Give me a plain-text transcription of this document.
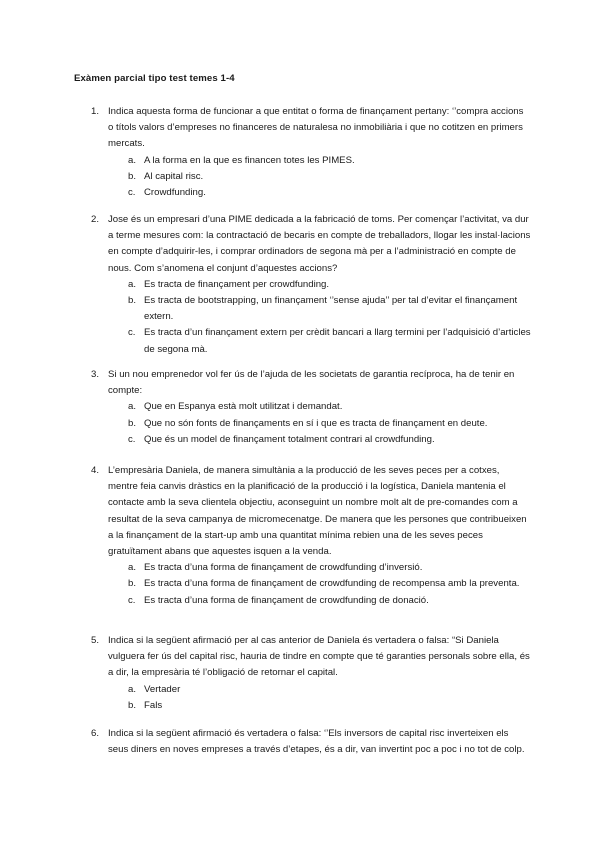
Exàmen parcial tipo test temes 1-4
1. Indica aquesta forma de funcionar a que entitat o forma de finançament pertany: ‘’compra accions o títols valors d’empreses no financeres de naturalesa no inmobiliària i que no cotitzen en primers mercats.
a. A la forma en la que es financen totes les PIMES.
b. Al capital risc.
c. Crowdfunding.
2. Jose és un empresari d’una PIME dedicada a la fabricació de toms. Per començar l’activitat, va dur a terme mesures com: la contractació de becaris en compte de treballadors, llogar les instal·lacions en compte d’adquirir-les, i comprar ordinadors de segona mà per a l’administració en compte de nous. Com s’anomena el conjunt d’aquestes accions?
a. Es tracta de finançament per crowdfunding.
b. Es tracta de bootstrapping, un finançament ‘’sense ajuda’’ per tal d’evitar el finançament extern.
c. Es tracta d’un finançament extern per crèdit bancari a llarg termini per l’adquisició d’articles de segona mà.
3. Si un nou emprenedor vol fer ús de l’ajuda de les societats de garantia recíproca, ha de tenir en compte:
a. Que en Espanya està molt utilitzat i demandat.
b. Que no són fonts de finançaments en sí i que es tracta de finançament en deute.
c. Que és un model de finançament totalment contrari al crowdfunding.
4. L’empresària Daniela, de manera simultània a la producció de les seves peces per a cotxes, mentre feia canvis dràstics en la planificació de la producció i la logística, Daniela mantenia el contacte amb la seva clientela objectiu, aconseguint un nombre molt alt de pre-comandes com a resultat de la seva campanya de micromecenatge. De manera que les persones que contribueixen a la finançament de la start-up amb una quantitat mínima rebien una de les seves peces gratuïtament abans que aquestes isquen a la venda.
a. Es tracta d’una forma de finançament de crowdfunding d’inversió.
b. Es tracta d’una forma de finançament de crowdfunding de recompensa amb la preventa.
c. Es tracta d’una forma de finançament de crowdfunding de donació.
5. Indica si la següent afirmació per al cas anterior de Daniela és vertadera o falsa: “Si Daniela vulguera fer ús del capital risc, hauria de tindre en compte que té garanties personals sobre ella, és a dir, la empresària té l’obligació de retornar el capital.
a. Vertader
b. Fals
6. Indica si la següent afirmació és vertadera o falsa: ‘’Els inversors de capital risc inverteixen els seus diners en noves empreses a través d’etapes, és a dir, van invertint poc a poc i no tot de colp.
